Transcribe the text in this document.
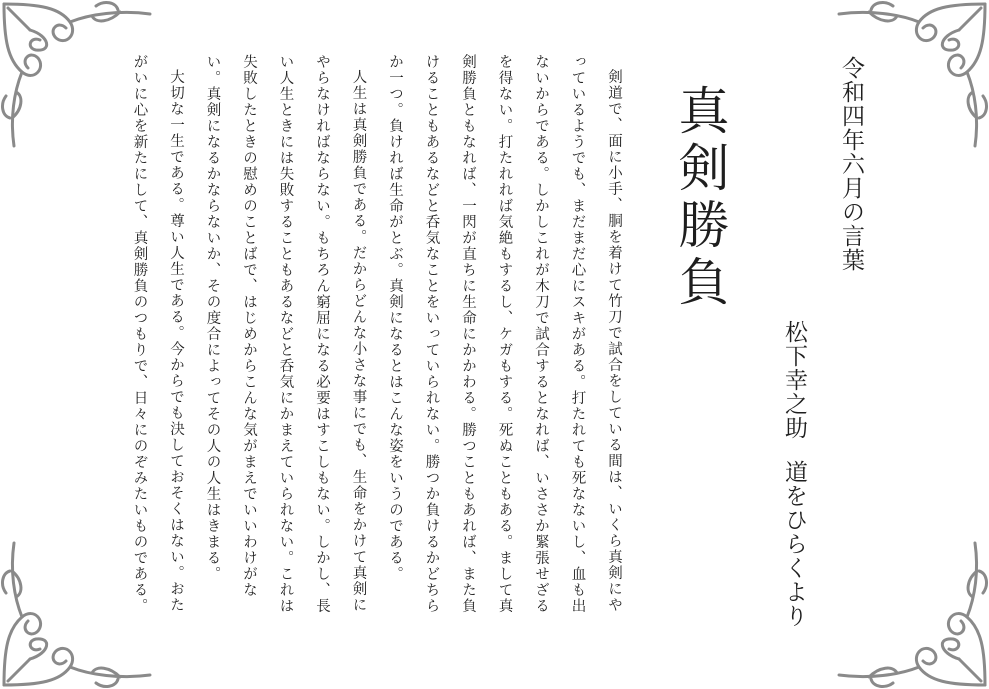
令和四年六月の言葉
松下幸之助
道をひらくより
真剣勝負

剣道で、面に小手、胴を着けて竹刀で試合をしている間は、いくら真剣にやっているようでも、まだまだ心にスキがある。打たれても死なないし、血も出ないからである。しかしこれが木刀で試合するとなれば、いささか緊張せざるを得ない。打たれれば気絶もするし、ケガもする。死ぬこともある。まして真剣勝負ともなれば、一閃が直ちに生命にかかわる。勝つこともあれば、また負けることもあるなどと呑気なことをいっていられない。勝つか負けるかどちらか一つ。負ければ生命がとぶ。真剣になるとはこんな姿をいうのである。

人生は真剣勝負である。だからどんな小さな事にでも、生命をかけて真剣にやらなければならない。もちろん窮屈になる必要はすこしもない。しかし、長い人生ときには失敗することもあるなどと呑気にかまえていられない。これは失敗したときの慰めのことばで、はじめからこんな気がまえでいいわけがない。真剣になるかならないか、その度合によってその人の人生はきまる。

大切な一生である。尊い人生である。今からでも決しておそくはない。おたがいに心を新たにして、真剣勝負のつもりで、日々にのぞみたいものである。
